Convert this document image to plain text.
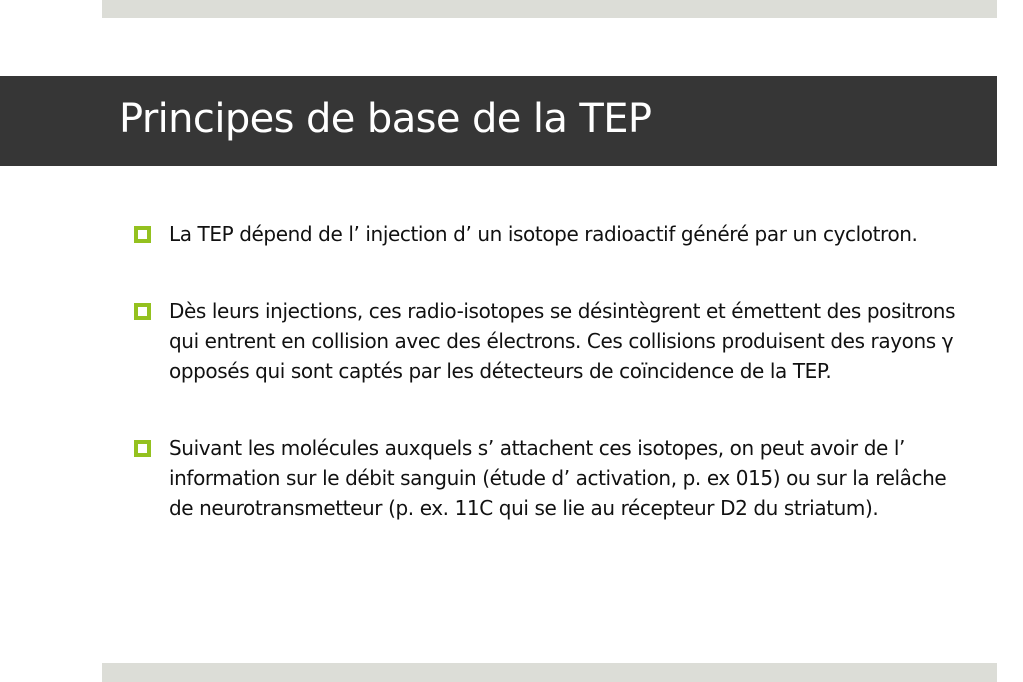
Principes de base de la TEP
La TEP dépend de l’ injection d’ un isotope radioactif généré par un cyclotron.
Dès leurs injections, ces radio-isotopes se désintègrent et émettent des positrons qui entrent en collision avec des électrons. Ces collisions produisent des rayons γ opposés qui sont captés par les détecteurs de coïncidence de la TEP.
Suivant les molécules auxquels s’ attachent ces isotopes, on peut avoir de l’ information sur le débit sanguin (étude d’ activation, p. ex 015) ou sur la relâche de neurotransmetteur (p. ex. 11C qui se lie au récepteur D2 du striatum).
